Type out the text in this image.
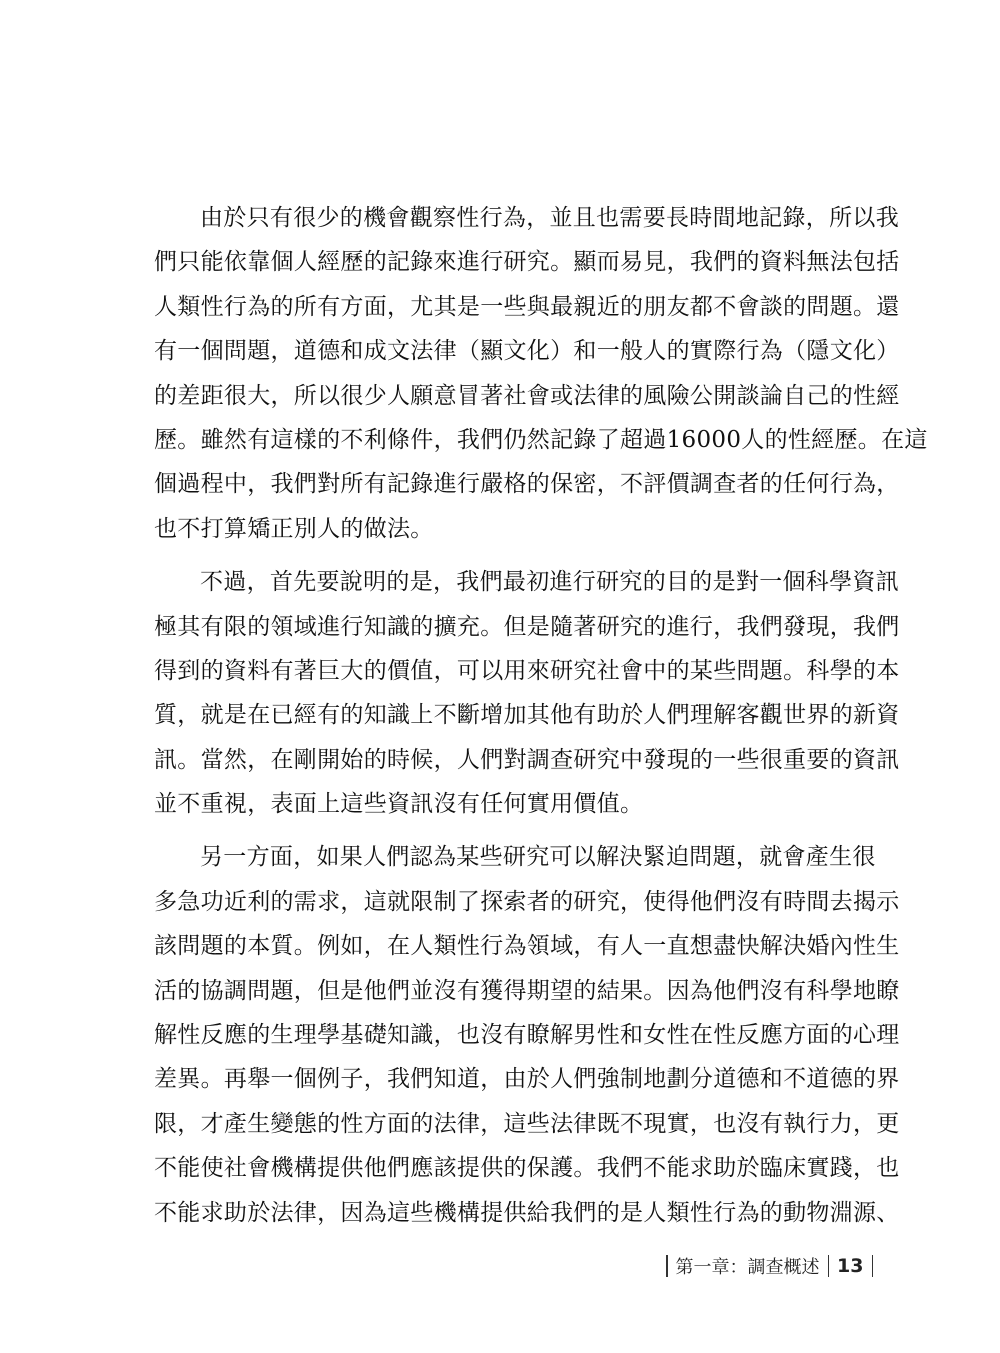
由於只有很少的機會觀察性行為，並且也需要長時間地記錄，所以我
們只能依靠個人經歷的記錄來進行研究。顯而易見，我們的資料無法包括
人類性行為的所有方面，尤其是一些與最親近的朋友都不會談的問題。還
有一個問題，道德和成文法律（顯文化）和一般人的實際行為（隱文化）
的差距很大，所以很少人願意冒著社會或法律的風險公開談論自己的性經
歷。雖然有這樣的不利條件，我們仍然記錄了超過16000人的性經歷。在這
個過程中，我們對所有記錄進行嚴格的保密，不評價調查者的任何行為，
也不打算矯正別人的做法。
不過，首先要說明的是，我們最初進行研究的目的是對一個科學資訊
極其有限的領域進行知識的擴充。但是隨著研究的進行，我們發現，我們
得到的資料有著巨大的價值，可以用來研究社會中的某些問題。科學的本
質，就是在已經有的知識上不斷增加其他有助於人們理解客觀世界的新資
訊。當然，在剛開始的時候，人們對調查研究中發現的一些很重要的資訊
並不重視，表面上這些資訊沒有任何實用價值。
另一方面，如果人們認為某些研究可以解決緊迫問題，就會產生很
多急功近利的需求，這就限制了探索者的研究，使得他們沒有時間去揭示
該問題的本質。例如，在人類性行為領域，有人一直想盡快解決婚內性生
活的協調問題，但是他們並沒有獲得期望的結果。因為他們沒有科學地瞭
解性反應的生理學基礎知識，也沒有瞭解男性和女性在性反應方面的心理
差異。再舉一個例子，我們知道，由於人們強制地劃分道德和不道德的界
限，才產生變態的性方面的法律，這些法律既不現實，也沒有執行力，更
不能使社會機構提供他們應該提供的保護。我們不能求助於臨床實踐，也
不能求助於法律，因為這些機構提供給我們的是人類性行為的動物淵源、
第一章：調查概述 13
